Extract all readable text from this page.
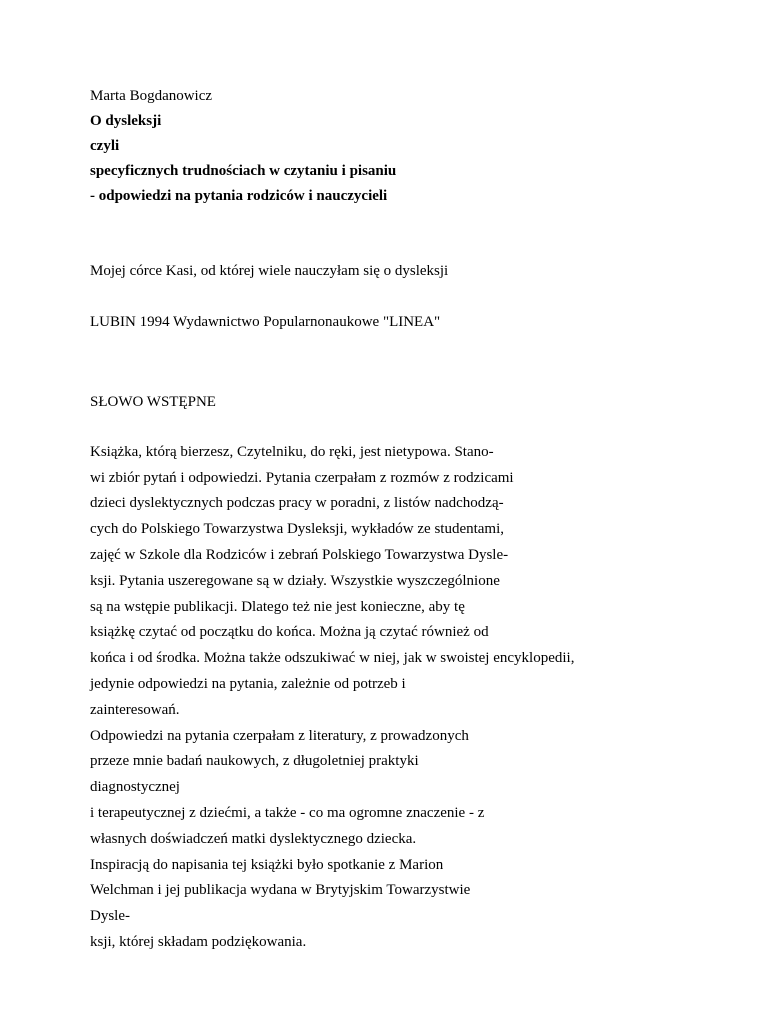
Marta Bogdanowicz
O dysleksji
czyli
specyficznych trudnościach w czytaniu i pisaniu
- odpowiedzi na pytania rodziców i nauczycieli
Mojej córce Kasi, od której wiele nauczyłam się o dysleksji
LUBIN 1994 Wydawnictwo Popularnonaukowe "LINEA"
SŁOWO WSTĘPNE
Książka, którą bierzesz, Czytelniku, do ręki, jest nietypowa. Stano-
wi zbiór pytań i odpowiedzi. Pytania czerpałam z rozmów z rodzicami
dzieci dyslektycznych podczas pracy w poradni, z listów nadchodzą-
cych do Polskiego Towarzystwa Dysleksji, wykładów ze studentami,
zajęć w Szkole dla Rodziców i zebrań Polskiego Towarzystwa Dysle-
ksji. Pytania uszeregowane są w działy. Wszystkie wyszczególnione
są na wstępie publikacji. Dlatego też nie jest konieczne, aby tę
książkę czytać od początku do końca. Można ją czytać również od
końca i od środka. Można także odszukiwać w niej, jak w swoistej encyklopedii,
jedynie odpowiedzi na pytania, zależnie od potrzeb i
zainteresowań.
Odpowiedzi na pytania czerpałam z literatury, z prowadzonych
przeze mnie badań naukowych, z długoletniej praktyki
diagnostycznej
i terapeutycznej z dziećmi, a także - co ma ogromne znaczenie - z
własnych doświadczeń matki dyslektycznego dziecka.
Inspiracją do napisania tej książki było spotkanie z Marion
Welchman i jej publikacja wydana w Brytyjskim Towarzystwie
Dysle-
ksji, której składam podziękowania.
